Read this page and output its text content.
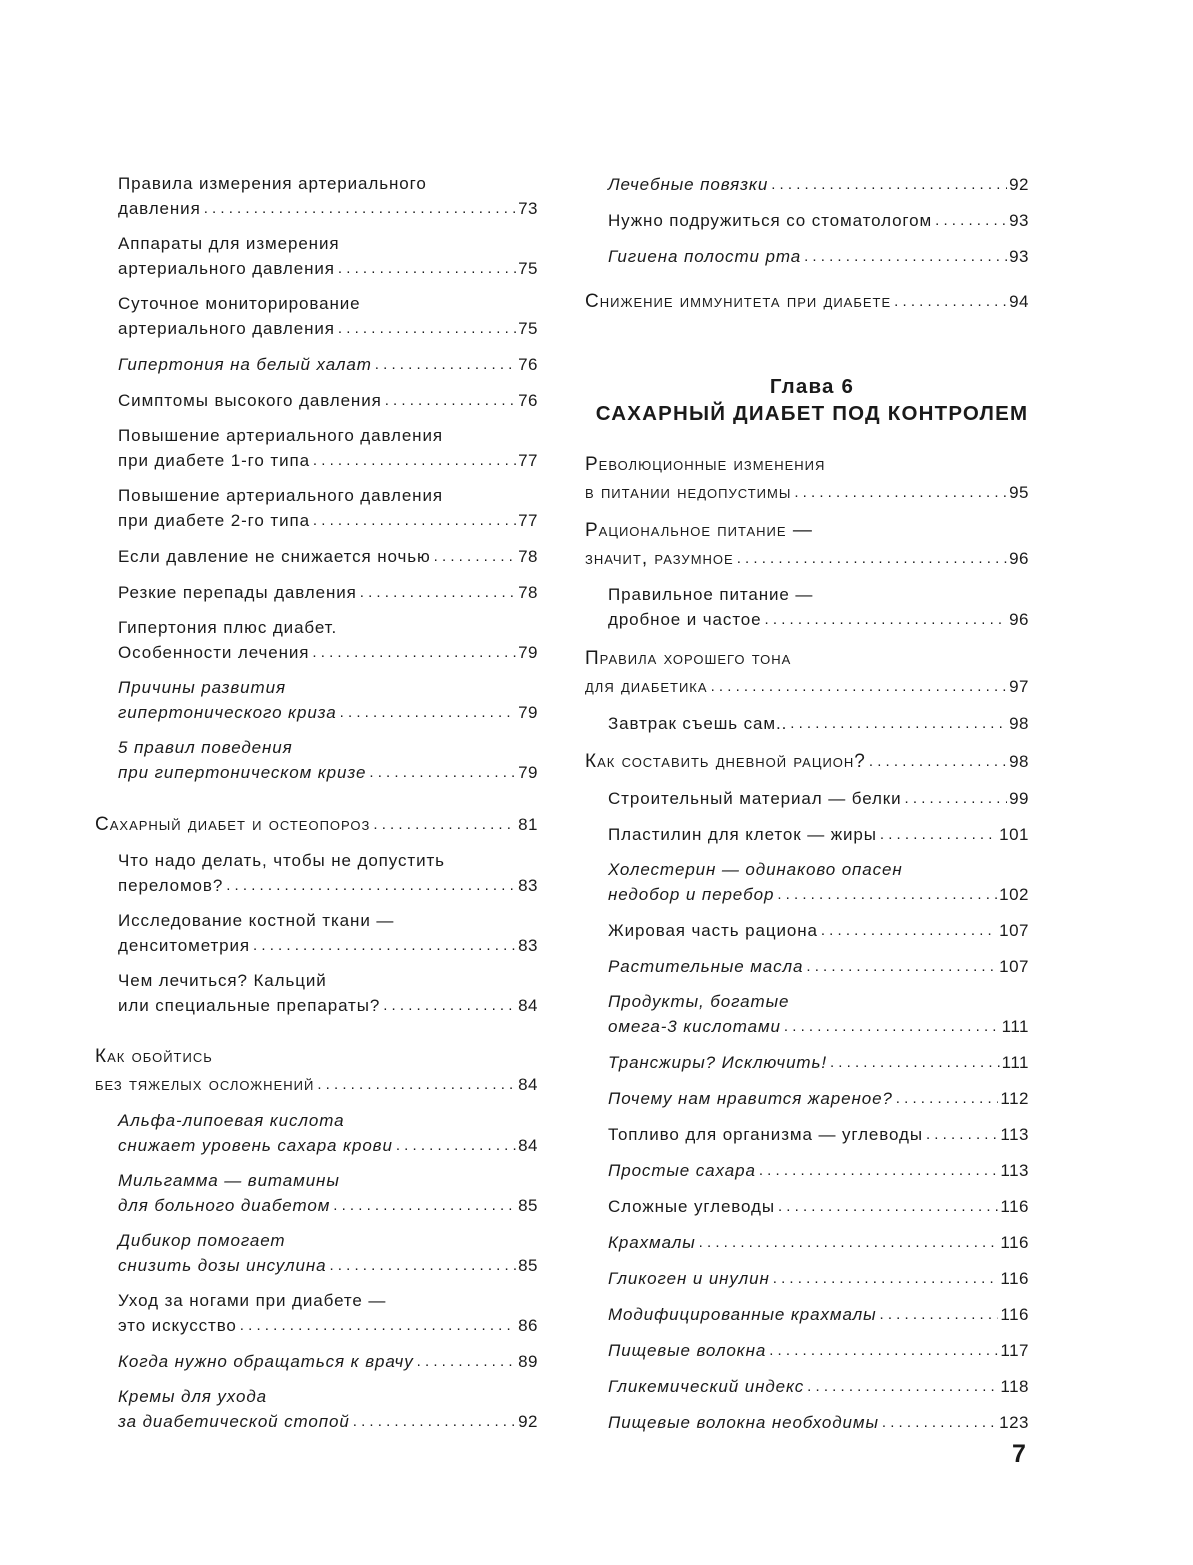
Правила измерения артериального
давления . . .	73
Аппараты для измерения
артериального давления . . .	75
Суточное мониторирование
артериального давления . . .	75
Гипертония на белый халат . . .	76
Симптомы высокого давления . . .	76
Повышение артериального давления
при диабете 1-го типа . . .	77
Повышение артериального давления
при диабете 2-го типа . . .	77
Если давление не снижается ночью . . .	78
Резкие перепады давления . . .	78
Гипертония плюс диабет.
Особенности лечения . . .	79
Причины развития
гипертонического криза . . .	79
5 правил поведения
при гипертоническом кризе . . .	79
Сахарный диабет и остеопороз . . .	81
Что надо делать, чтобы не допустить
переломов? . . .	83
Исследование костной ткани —
денситометрия . . .	83
Чем лечиться? Кальций
или специальные препараты? . . .	84
Как обойтись
без тяжелых осложнений . . .	84
Альфа-липоевая кислота
снижает уровень сахара крови . . .	84
Мильгамма — витамины
для больного диабетом . . .	85
Дибикор помогает
снизить дозы инсулина . . .	85
Уход за ногами при диабете —
это искусство . . .	86
Когда нужно обращаться к врачу . . .	89
Кремы для ухода
за диабетической стопой . . .	92
Лечебные повязки . . .	92
Нужно подружиться со стоматологом . . .	93
Гигиена полости рта . . .	93
Снижение иммунитета при диабете . . .	94
Глава 6
САХАРНЫЙ ДИАБЕТ ПОД КОНТРОЛЕМ
Революционные изменения
в питании недопустимы . . .	95
Рациональное питание —
значит, разумное . . .	96
Правильное питание —
дробное и частое . . .	96
Правила хорошего тона
для диабетика . . .	97
Завтрак съешь сам.. . . .	98
Как составить дневной рацион? . . .	98
Строительный материал — белки . . .	99
Пластилин для клеток — жиры . . .	101
Холестерин — одинаково опасен
недобор и перебор . . .	102
Жировая часть рациона . . .	107
Растительные масла . . .	107
Продукты, богатые
омега-3 кислотами . . .	111
Трансжиры? Исключить! . . .	111
Почему нам нравится жареное? . . .	112
Топливо для организма — углеводы . . .	113
Простые сахара . . .	113
Сложные углеводы . . .	116
Крахмалы . . .	116
Гликоген и инулин . . .	116
Модифицированные крахмалы . . .	116
Пищевые волокна . . .	117
Гликемический индекс . . .	118
Пищевые волокна необходимы . . .	123
7
